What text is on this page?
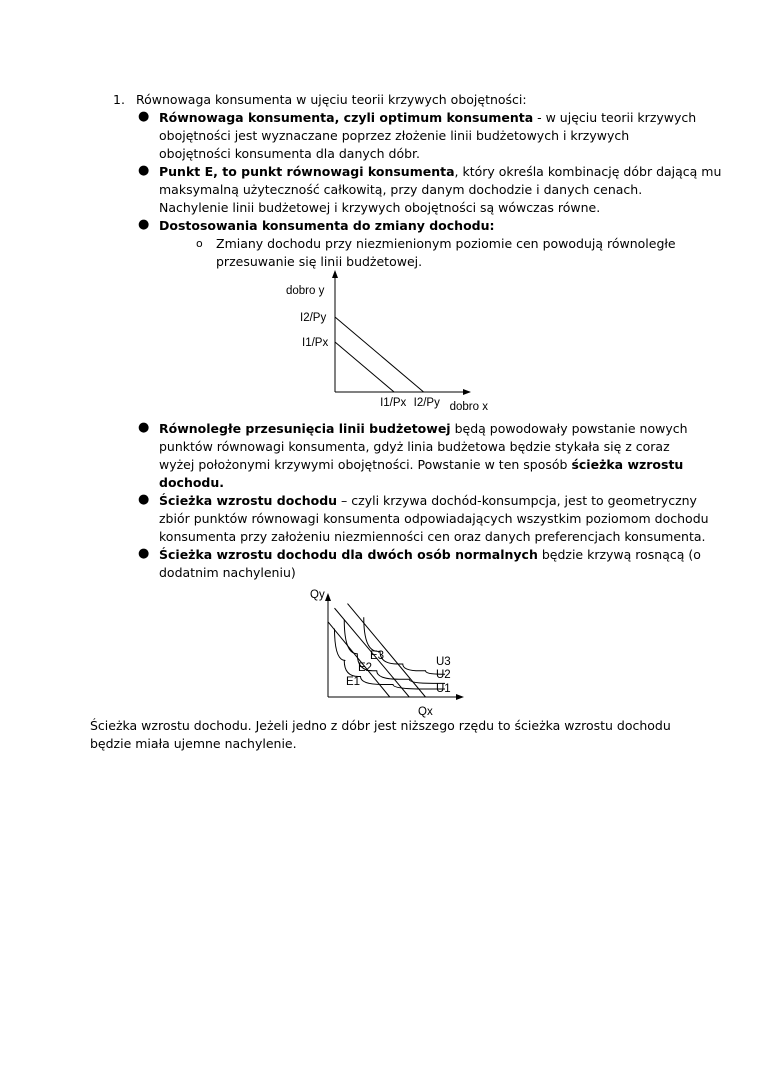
1. Równowaga konsumenta w ujęciu teorii krzywych obojętności:
● Równowaga konsumenta, czyli optimum konsumenta - w ujęciu teorii krzywych
obojętności jest wyznaczane poprzez złożenie linii budżetowych i krzywych
obojętności konsumenta dla danych dóbr.
● Punkt E, to punkt równowagi konsumenta, który określa kombinację dóbr dającą mu
maksymalną użyteczność całkowitą, przy danym dochodzie i danych cenach.
Nachylenie linii budżetowej i krzywych obojętności są wówczas równe.
● Dostosowania konsumenta do zmiany dochodu:
o Zmiany dochodu przy niezmienionym poziomie cen powodują równoległe
przesuwanie się linii budżetowej.
dobro y
I2/Py
I1/Px
I1/Px I2/Py dobro x
● Równoległe przesunięcia linii budżetowej będą powodowały powstanie nowych
punktów równowagi konsumenta, gdyż linia budżetowa będzie stykała się z coraz
wyżej położonymi krzywymi obojętności. Powstanie w ten sposób ścieżka wzrostu
dochodu.
● Ścieżka wzrostu dochodu – czyli krzywa dochód-konsumpcja, jest to geometryczny
zbiór punktów równowagi konsumenta odpowiadających wszystkim poziomom dochodu
konsumenta przy założeniu niezmienności cen oraz danych preferencjach konsumenta.
● Ścieżka wzrostu dochodu dla dwóch osób normalnych będzie krzywą rosnącą (o
dodatnim nachyleniu)
Qy
Qx
U3
U2
U1
E3
E2
E1
Ścieżka wzrostu dochodu. Jeżeli jedno z dóbr jest niższego rzędu to ścieżka wzrostu dochodu
będzie miała ujemne nachylenie.
